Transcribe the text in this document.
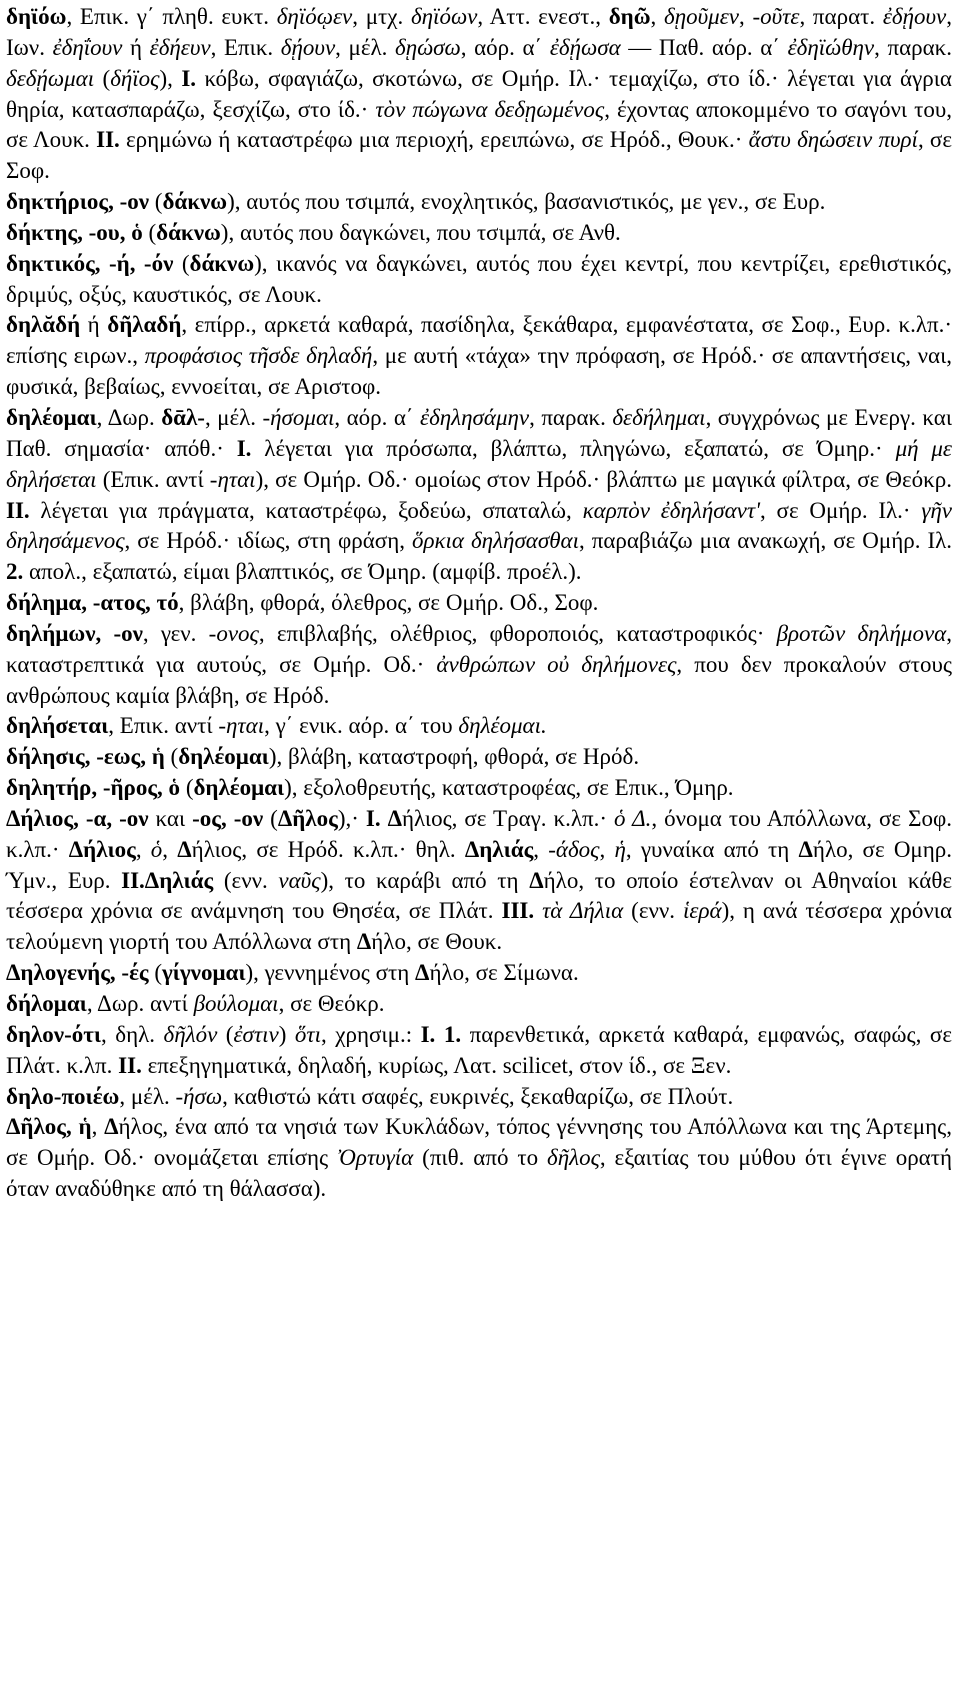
δηϊόω, Επικ. γ΄ πληθ. ευκτ. δηϊόῳεν, μτχ. δηϊόων, Αττ. ενεστ., δηῶ, δῃοῦμεν, -οῦτε, παρατ. ἐδῄουν, Ιων. ἐδηΐουν ή ἐδήευν, Επικ. δῄουν, μέλ. δῃώσω, αόρ. α΄ ἐδῄωσα — Παθ. αόρ. α΄ ἐδηϊώθην, παρακ. δεδῄωμαι (δήϊος), I. κόβω, σφαγιάζω, σκοτώνω, σε Ομήρ. Ιλ.· τεμαχίζω, στο ίδ.· λέγεται για άγρια θηρία, κατασπαράζω, ξεσχίζω, στο ίδ.· τὸν πώγωνα δεδῃωμένος, έχοντας αποκομμένο το σαγόνι του, σε Λουκ. II. ερημώνω ή καταστρέφω μια περιοχή, ερειπώνω, σε Ηρόδ., Θουκ.· ἄστυ δηώσειν πυρί, σε Σοφ.

δηκτήριος, -ον (δάκνω), αυτός που τσιμπά, ενοχλητικός, βασανιστικός, με γεν., σε Ευρ.

δήκτης, -ου, ὁ (δάκνω), αυτός που δαγκώνει, που τσιμπά, σε Ανθ.

δηκτικός, -ή, -όν (δάκνω), ικανός να δαγκώνει, αυτός που έχει κεντρί, που κεντρίζει, ερεθιστικός, δριμύς, οξύς, καυστικός, σε Λουκ.

δηλᾰδή ή δῆλαδή, επίρρ., αρκετά καθαρά, πασίδηλα, ξεκάθαρα, εμφανέστατα, σε Σοφ., Ευρ. κ.λπ.· επίσης ειρων., προφάσιος τῆσδε δηλαδή, με αυτή «τάχα» την πρόφαση, σε Ηρόδ.· σε απαντήσεις, ναι, φυσικά, βεβαίως, εννοείται, σε Αριστοφ.

δηλέομαι, Δωρ. δᾱλ-, μέλ. -ήσομαι, αόρ. α΄ ἐδηλησάμην, παρακ. δεδήλημαι, συγχρόνως με Ενεργ. και Παθ. σημασία· απόθ.· I. λέγεται για πρόσωπα, βλάπτω, πληγώνω, εξαπατώ, σε Όμηρ.· μή με δηλήσεται (Επικ. αντί -ηται), σε Ομήρ. Οδ.· ομοίως στον Ηρόδ.· βλάπτω με μαγικά φίλτρα, σε Θεόκρ. II. λέγεται για πράγματα, καταστρέφω, ξοδεύω, σπαταλώ, καρπὸν ἐδηλήσαντ', σε Ομήρ. Ιλ.· γῆν δηλησάμενος, σε Ηρόδ.· ιδίως, στη φράση, ὅρκια δηλήσασθαι, παραβιάζω μια ανακωχή, σε Ομήρ. Ιλ. 2. απολ., εξαπατώ, είμαι βλαπτικός, σε Όμηρ. (αμφίβ. προέλ.).

δήλημα, -ατος, τό, βλάβη, φθορά, όλεθρος, σε Ομήρ. Οδ., Σοφ.

δηλήμων, -ον, γεν. -ονος, επιβλαβής, ολέθριος, φθοροποιός, καταστροφικός· βροτῶν δηλήμονα, καταστρεπτικά για αυτούς, σε Ομήρ. Οδ.· ἀνθρώπων οὐ δηλήμονες, που δεν προκαλούν στους ανθρώπους καμία βλάβη, σε Ηρόδ.

δηλήσεται, Επικ. αντί -ηται, γ΄ ενικ. αόρ. α΄ του δηλέομαι.

δήλησις, -εως, ἡ (δηλέομαι), βλάβη, καταστροφή, φθορά, σε Ηρόδ.

δηλητήρ, -ῆρος, ὁ (δηλέομαι), εξολοθρευτής, καταστροφέας, σε Επικ., Όμηρ.

Δήλιος, -α, -ον και -ος, -ον (Δῆλος),· I. Δήλιος, σε Τραγ. κ.λπ.· ὁ Δ., όνομα του Απόλλωνα, σε Σοφ. κ.λπ.· Δήλιος, ὁ, Δήλιος, σε Ηρόδ. κ.λπ.· θηλ. Δηλιάς, -άδος, ἡ, γυναίκα από τη Δήλο, σε Ομηρ. Ύμν., Ευρ. II.Δηλιάς (ενν. ναῦς), το καράβι από τη Δήλο, το οποίο έστελναν οι Αθηναίοι κάθε τέσσερα χρόνια σε ανάμνηση του Θησέα, σε Πλάτ. III. τὰ Δήλια (ενν. ἱερά), η ανά τέσσερα χρόνια τελούμενη γιορτή του Απόλλωνα στη Δήλο, σε Θουκ.

Δηλογενής, -ές (γίγνομαι), γεννημένος στη Δήλο, σε Σίμωνα.

δήλομαι, Δωρ. αντί βούλομαι, σε Θεόκρ.

δηλον-ότι, δηλ. δῆλόν (ἐστιν) ὅτι, χρησιμ.: I. 1. παρενθετικά, αρκετά καθαρά, εμφανώς, σαφώς, σε Πλάτ. κ.λπ. II. επεξηγηματικά, δηλαδή, κυρίως, Λατ. scilicet, στον ίδ., σε Ξεν.

δηλο-ποιέω, μέλ. -ήσω, καθιστώ κάτι σαφές, ευκρινές, ξεκαθαρίζω, σε Πλούτ.

Δῆλος, ἡ, Δήλος, ένα από τα νησιά των Κυκλάδων, τόπος γέννησης του Απόλλωνα και της Άρτεμης, σε Ομήρ. Οδ.· ονομάζεται επίσης Ὀρτυγία (πιθ. από το δῆλος, εξαιτίας του μύθου ότι έγινε ορατή όταν αναδύθηκε από τη θάλασσα).
